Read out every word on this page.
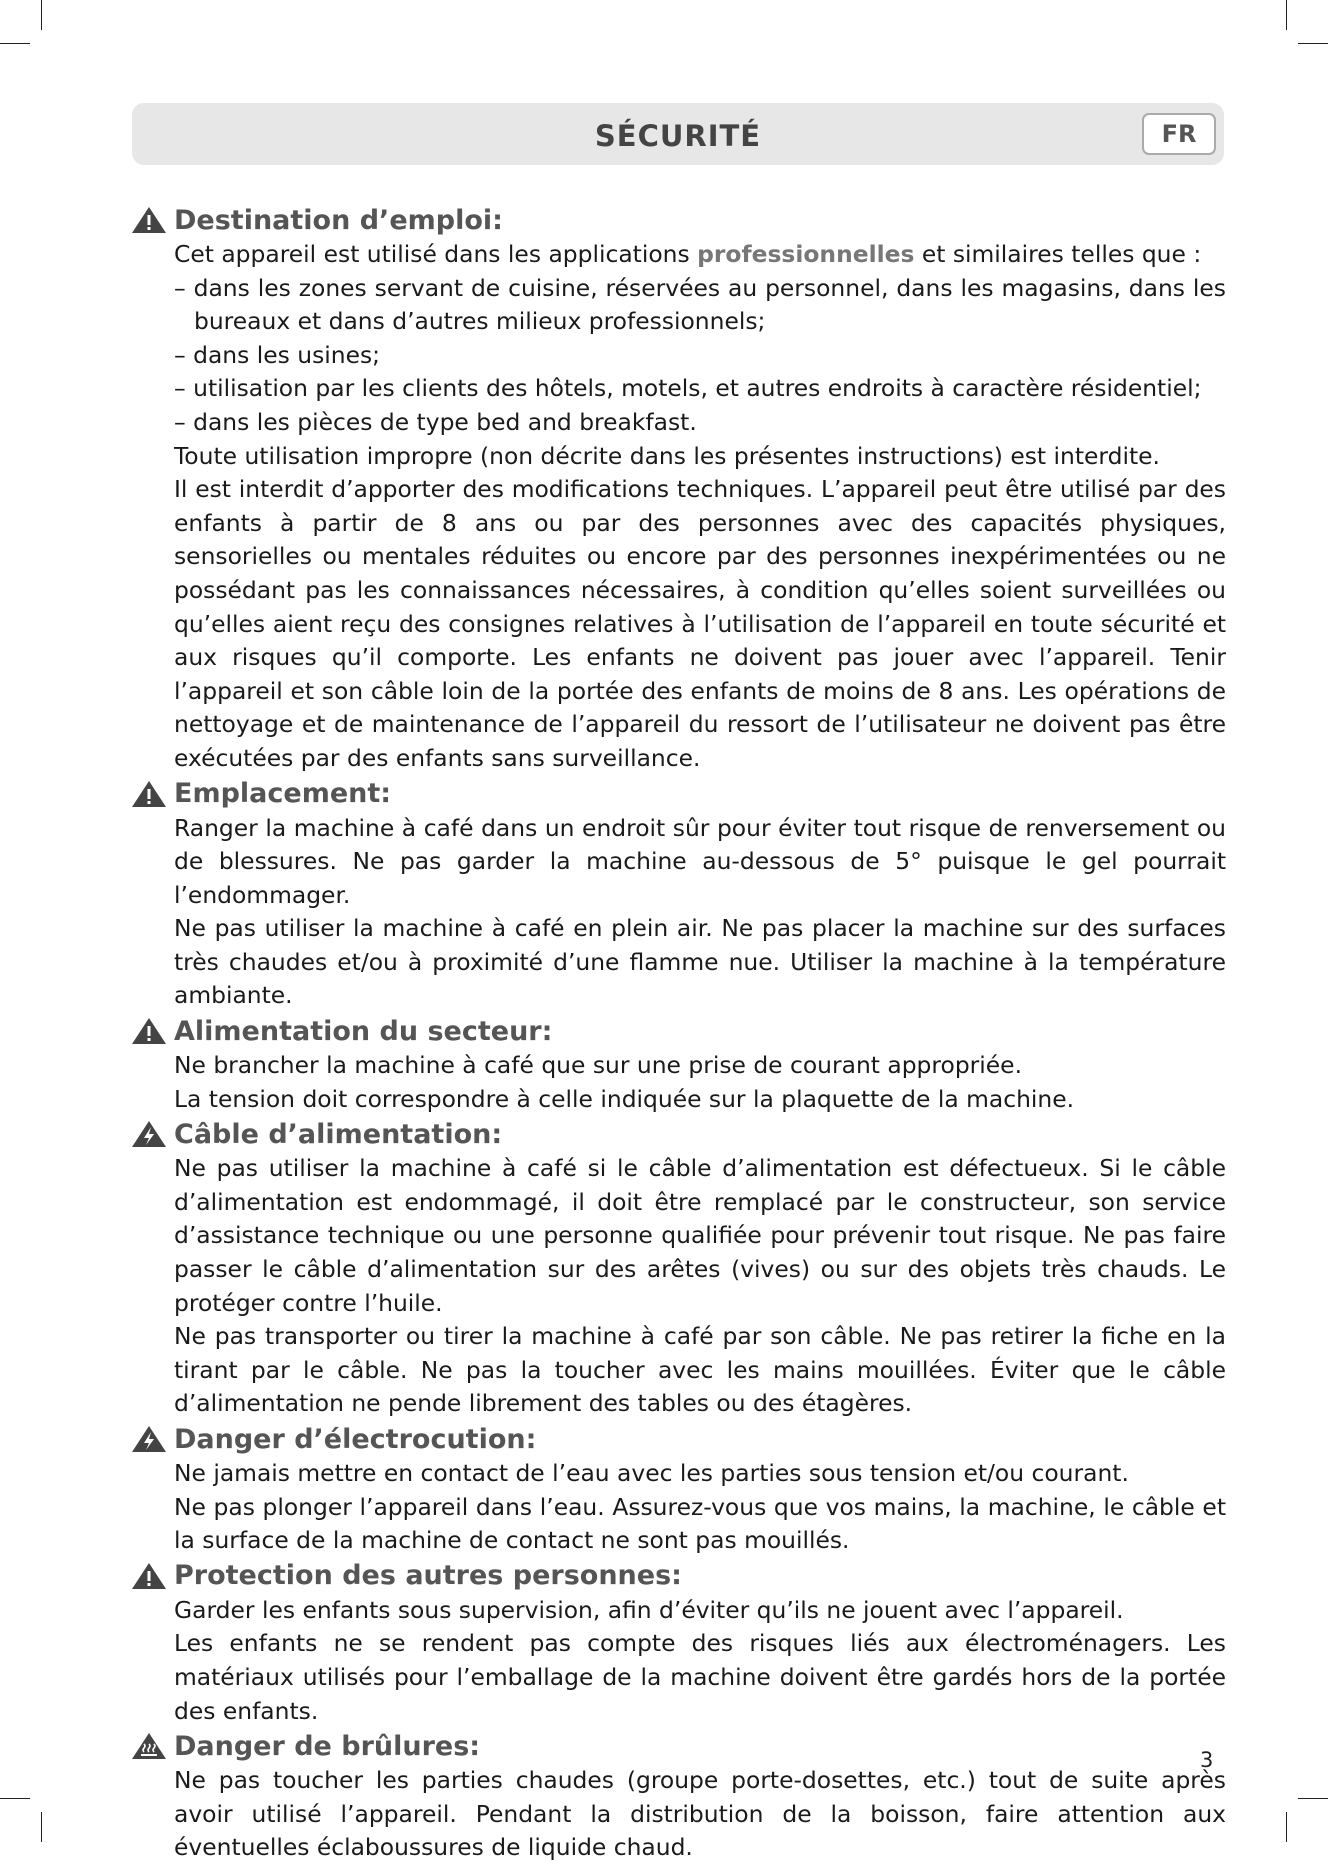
SÉCURITÉ	FR
Destination d’emploi:
Cet appareil est utilisé dans les applications professionnelles et similaires telles que :
– dans les zones servant de cuisine, réservées au personnel, dans les magasins, dans les bureaux et dans d’autres milieux professionnels;
– dans les usines;
– utilisation par les clients des hôtels, motels, et autres endroits à caractère résidentiel;
– dans les pièces de type bed and breakfast.
Toute utilisation impropre (non décrite dans les présentes instructions) est interdite.
Il est interdit d’apporter des modifications techniques. L’appareil peut être utilisé par des enfants à partir de 8 ans ou par des personnes avec des capacités physiques, sensorielles ou mentales réduites ou encore par des personnes inexpérimentées ou ne possédant pas les connaissances nécessaires, à condition qu’elles soient surveillées ou qu’elles aient reçu des consignes relatives à l’utilisation de l’appareil en toute sécurité et aux risques qu’il comporte. Les enfants ne doivent pas jouer avec l’appareil. Tenir l’appareil et son câble loin de la portée des enfants de moins de 8 ans. Les opérations de nettoyage et de maintenance de l’appareil du ressort de l’utilisateur ne doivent pas être exécutées par des enfants sans surveillance.
Emplacement:
Ranger la machine à café dans un endroit sûr pour éviter tout risque de renversement ou de blessures. Ne pas garder la machine au-dessous de 5° puisque le gel pourrait l’endommager.
Ne pas utiliser la machine à café en plein air. Ne pas placer la machine sur des surfaces très chaudes et/ou à proximité d’une flamme nue. Utiliser la machine à la température ambiante.
Alimentation du secteur:
Ne brancher la machine à café que sur une prise de courant appropriée.
La tension doit correspondre à celle indiquée sur la plaquette de la machine.
Câble d’alimentation:
Ne pas utiliser la machine à café si le câble d’alimentation est défectueux. Si le câble d’alimentation est endommagé, il doit être remplacé par le constructeur, son service d’assistance technique ou une personne qualifiée pour prévenir tout risque. Ne pas faire passer le câble d’alimentation sur des arêtes (vives) ou sur des objets très chauds. Le protéger contre l’huile.
Ne pas transporter ou tirer la machine à café par son câble. Ne pas retirer la fiche en la tirant par le câble. Ne pas la toucher avec les mains mouillées. Éviter que le câble d’alimentation ne pende librement des tables ou des étagères.
Danger d’électrocution:
Ne jamais mettre en contact de l’eau avec les parties sous tension et/ou courant.
Ne pas plonger l’appareil dans l’eau. Assurez-vous que vos mains, la machine, le câble et la surface de la machine de contact ne sont pas mouillés.
Protection des autres personnes:
Garder les enfants sous supervision, afin d’éviter qu’ils ne jouent avec l’appareil.
Les enfants ne se rendent pas compte des risques liés aux électroménagers. Les matériaux utilisés pour l’emballage de la machine doivent être gardés hors de la portée des enfants.
Danger de brûlures:
Ne pas toucher les parties chaudes (groupe porte-dosettes, etc.) tout de suite après avoir utilisé l’appareil. Pendant la distribution de la boisson, faire attention aux éventuelles éclaboussures de liquide chaud.
3
